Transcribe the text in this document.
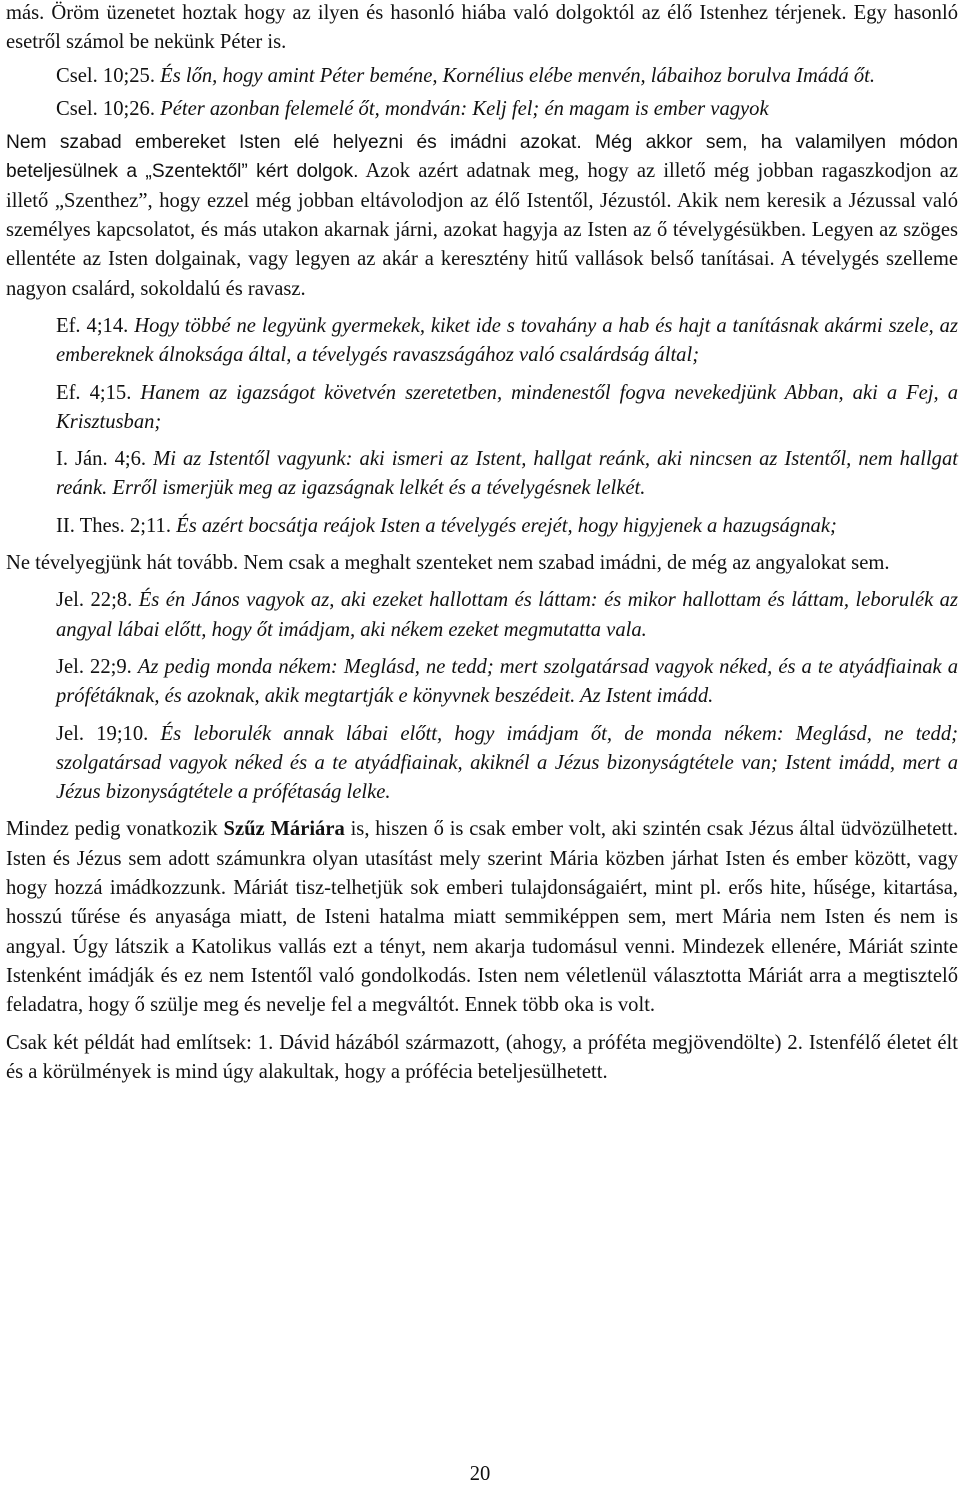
más. Öröm üzenetet hoztak hogy az ilyen és hasonló hiába való dolgoktól az élő Istenhez térjenek. Egy hasonló esetről számol be nekünk Péter is.

Csel. 10;25. És lőn, hogy amint Péter beméne, Kornélius elébe menvén, lábaihoz borulva Imádá őt.

Csel. 10;26. Péter azonban felemelé őt, mondván: Kelj fel; én magam is ember vagyok

Nem szabad embereket Isten elé helyezni és imádni azokat. Még akkor sem, ha valamilyen módon beteljesülnek a „Szentektől” kért dolgok. Azok azért adatnak meg, hogy az illető még jobban ragaszkodjon az illető „Szenthez”, hogy ezzel még jobban eltávolodjon az élő Istentől, Jézustól. Akik nem keresik a Jézussal való személyes kapcsolatot, és más utakon akarnak járni, azokat hagyja az Isten az ő tévelygésükben. Legyen az szöges ellentéte az Isten dolgainak, vagy legyen az akár a keresztény hitű vallások belső tanításai. A tévelygés szelleme nagyon csalárd, sokoldalú és ravasz.

Ef. 4;14. Hogy többé ne legyünk gyermekek, kiket ide s tovahány a hab és hajt a tanításnak akármi szele, az embereknek álnoksága által, a tévelygés ravaszságához való csalárdság által;

Ef. 4;15. Hanem az igazságot követvén szeretetben, mindenestől fogva nevekedjünk Abban, aki a Fej, a Krisztusban;

I. Ján. 4;6. Mi az Istentől vagyunk: aki ismeri az Istent, hallgat reánk, aki nincsen az Istentől, nem hallgat reánk. Erről ismerjük meg az igazságnak lelkét és a tévelygésnek lelkét.

II. Thes. 2;11. És azért bocsátja reájok Isten a tévelygés erejét, hogy higyjenek a hazugságnak;

Ne tévelyegjünk hát tovább. Nem csak a meghalt szenteket nem szabad imádni, de még az angyalokat sem.

Jel. 22;8. És én János vagyok az, aki ezeket hallottam és láttam: és mikor hallottam és láttam, leborulék az angyal lábai előtt, hogy őt imádjam, aki nékem ezeket megmutatta vala.

Jel. 22;9. Az pedig monda nékem: Meglásd, ne tedd; mert szolgatársad vagyok néked, és a te atyádfiainak a prófétáknak, és azoknak, akik megtartják e könyvnek beszédeit. Az Istent imádd.

Jel. 19;10. És leborulék annak lábai előtt, hogy imádjam őt, de monda nékem: Meglásd, ne tedd; szolgatársad vagyok néked és a te atyádfiainak, akiknél a Jézus bizonyságtétele van; Istent imádd, mert a Jézus bizonyságtétele a prófétaság lelke.

Mindez pedig vonatkozik Szűz Máriára is, hiszen ő is csak ember volt, aki szintén csak Jézus által üdvözülhetett. Isten és Jézus sem adott számunkra olyan utasítást mely szerint Mária közben járhat Isten és ember között, vagy hogy hozzá imádkozzunk. Máriát tisz-telhetjük sok emberi tulajdonságaiért, mint pl. erős hite, hűsége, kitartása, hosszú tűrése és anyasága miatt, de Isteni hatalma miatt semmiképpen sem, mert Mária nem Isten és nem is angyal. Úgy látszik a Katolikus vallás ezt a tényt, nem akarja tudomásul venni. Mindezek ellenére, Máriát szinte Istenként imádják és ez nem Istentől való gondolkodás. Isten nem véletlenül választotta Máriát arra a megtisztelő feladatra, hogy ő szülje meg és nevelje fel a megváltót. Ennek több oka is volt.

Csak két példát had említsek: 1. Dávid házából származott, (ahogy, a próféta megjövendölte) 2. Istenfélő életet élt és a körülmények is mind úgy alakultak, hogy a prófécia beteljesülhetett.

20
